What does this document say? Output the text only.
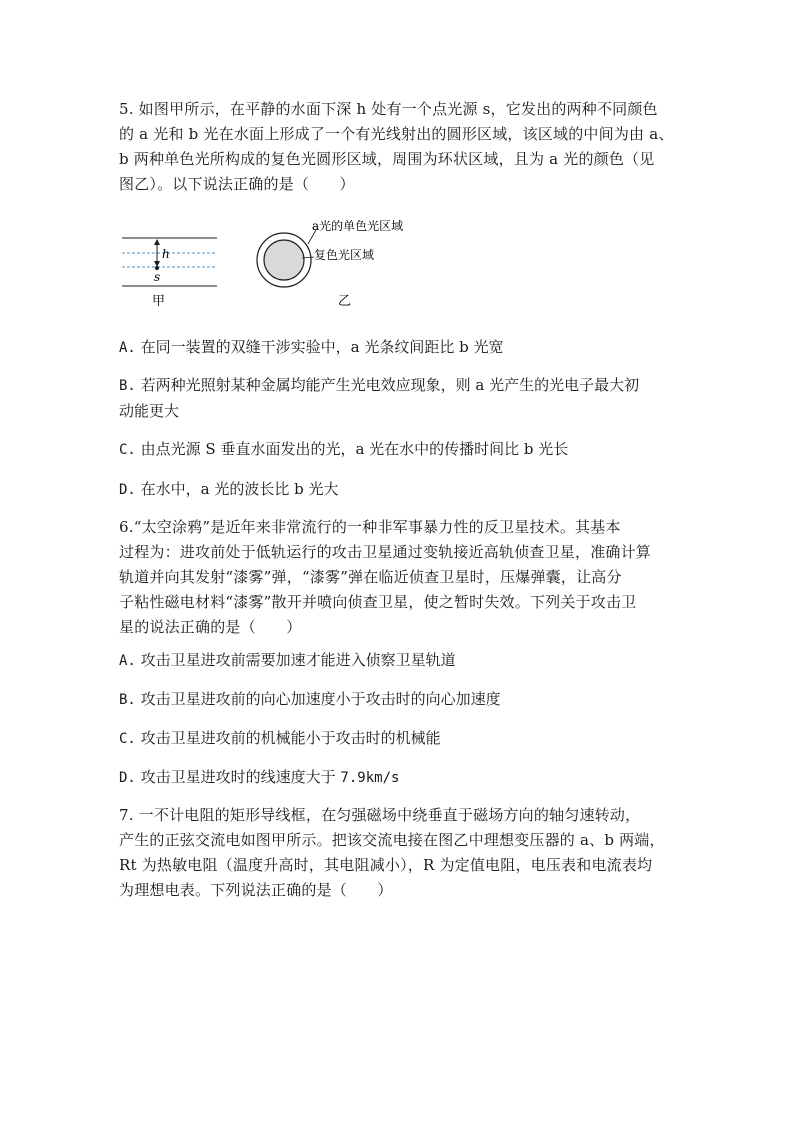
5. 如图甲所示，在平静的水面下深 h 处有一个点光源 s，它发出的两种不同颜色

的 a 光和 b 光在水面上形成了一个有光线射出的圆形区域，该区域的中间为由 a、

b 两种单色光所构成的复色光圆形区域，周围为环状区域，且为 a 光的颜色（见

图乙）。以下说法正确的是（　　）

h
s
甲
a光的单色光区域
复色光区域
乙
A. 在同一装置的双缝干涉实验中，a 光条纹间距比 b 光宽
B. 若两种光照射某种金属均能产生光电效应现象，则 a 光产生的光电子最大初
动能更大
C. 由点光源 S 垂直水面发出的光，a 光在水中的传播时间比 b 光长
D. 在水中，a 光的波长比 b 光大

6.“太空涂鸦”是近年来非常流行的一种非军事暴力性的反卫星技术。其基本

过程为：进攻前处于低轨运行的攻击卫星通过变轨接近高轨侦查卫星，准确计算

轨道并向其发射“漆雾”弹，“漆雾”弹在临近侦查卫星时，压爆弹囊，让高分

子粘性磁电材料“漆雾”散开并喷向侦查卫星，使之暂时失效。下列关于攻击卫

星的说法正确的是（　　）

A. 攻击卫星进攻前需要加速才能进入侦察卫星轨道
B. 攻击卫星进攻前的向心加速度小于攻击时的向心加速度
C. 攻击卫星进攻前的机械能小于攻击时的机械能
D. 攻击卫星进攻时的线速度大于 7.9km/s

7. 一不计电阻的矩形导线框，在匀强磁场中绕垂直于磁场方向的轴匀速转动，

产生的正弦交流电如图甲所示。把该交流电接在图乙中理想变压器的 a、b 两端，

Rt 为热敏电阻（温度升高时，其电阻减小），R 为定值电阻，电压表和电流表均

为理想电表。下列说法正确的是（　　）
